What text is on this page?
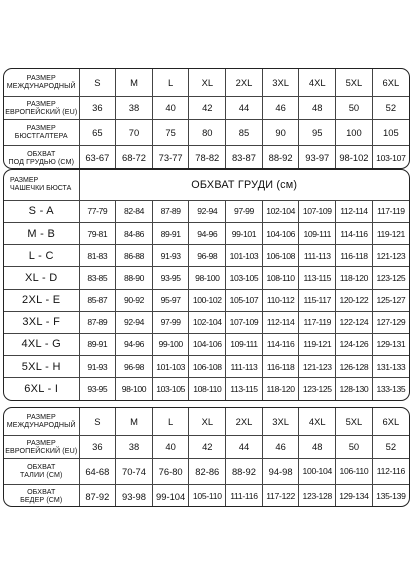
РАЗМЕР
МЕЖДУНАРОДНЫЙ	S	M	L	XL	2XL	3XL	4XL	5XL	6XL

РАЗМЕР
ЕВРОПЕЙСКИЙ (EU)	36	38	40	42	44	46	48	50	52

РАЗМЕР
БЮСТГАЛТЕРА	65	70	75	80	85	90	95	100	105

ОБХВАТ
ПОД ГРУДЬЮ (СМ)	63-67	68-72	73-77	78-82	83-87	88-92	93-97	98-102	103-107
РАЗМЕР
ЧАШЕЧКИ БЮСТА	ОБХВАТ ГРУДИ (см)								
S - A	77-79	82-84	87-89	92-94	97-99	102-104	107-109	112-114	117-119
M - B	79-81	84-86	89-91	94-96	99-101	104-106	109-111	114-116	119-121
L - C	81-83	86-88	91-93	96-98	101-103	106-108	111-113	116-118	121-123
XL - D	83-85	88-90	93-95	98-100	103-105	108-110	113-115	118-120	123-125
2XL - E	85-87	90-92	95-97	100-102	105-107	110-112	115-117	120-122	125-127
3XL - F	87-89	92-94	97-99	102-104	107-109	112-114	117-119	122-124	127-129
4XL - G	89-91	94-96	99-100	104-106	109-111	114-116	119-121	124-126	129-131
5XL - H	91-93	96-98	101-103	106-108	111-113	116-118	121-123	126-128	131-133
6XL - I	93-95	98-100	103-105	108-110	113-115	118-120	123-125	128-130	133-135
РАЗМЕР
МЕЖДУНАРОДНЫЙ	S	M	L	XL	2XL	3XL	4XL	5XL	6XL

РАЗМЕР
ЕВРОПЕЙСКИЙ (EU)	36	38	40	42	44	46	48	50	52

ОБХВАТ
ТАЛИИ (СМ)	64-68	70-74	76-80	82-86	88-92	94-98	100-104	106-110	112-116

ОБХВАТ
БЕДЕР (СМ)	87-92	93-98	99-104	105-110	111-116	117-122	123-128	129-134	135-139
